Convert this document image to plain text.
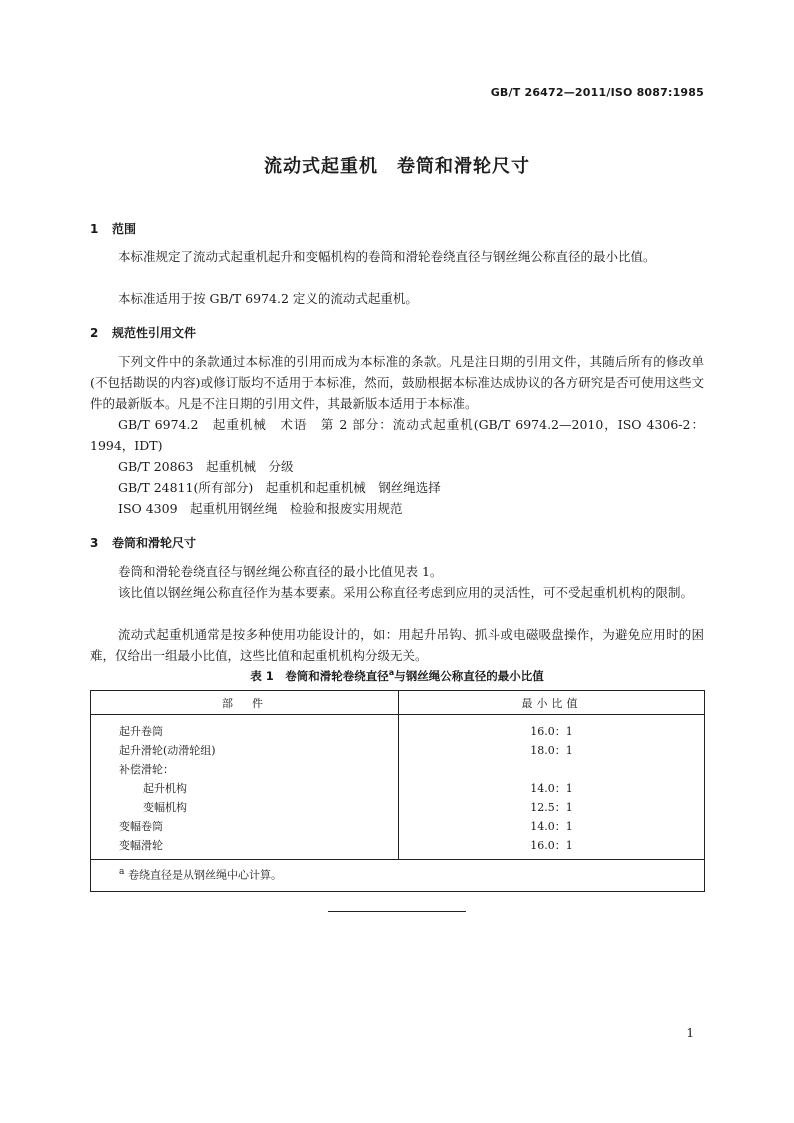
GB/T 26472—2011/ISO 8087:1985
流动式起重机　卷筒和滑轮尺寸
1 范围

本标准规定了流动式起重机起升和变幅机构的卷筒和滑轮卷绕直径与钢丝绳公称直径的最小比值。

本标准适用于按 GB/T 6974.2 定义的流动式起重机。

2 规范性引用文件

下列文件中的条款通过本标准的引用而成为本标准的条款。凡是注日期的引用文件，其随后所有的修改单(不包括勘误的内容)或修订版均不适用于本标准，然而，鼓励根据本标准达成协议的各方研究是否可使用这些文件的最新版本。凡是不注日期的引用文件，其最新版本适用于本标准。

GB/T 6974.2　起重机械　术语　第 2 部分：流动式起重机(GB/T 6974.2—2010，ISO 4306-2：1994，IDT)

GB/T 20863　起重机械　分级
GB/T 24811(所有部分)　起重机和起重机械　钢丝绳选择
ISO 4309　起重机用钢丝绳　检验和报废实用规范
3 卷筒和滑轮尺寸

卷筒和滑轮卷绕直径与钢丝绳公称直径的最小比值见表 1。

该比值以钢丝绳公称直径作为基本要素。采用公称直径考虑到应用的灵活性，可不受起重机机构的限制。

流动式起重机通常是按多种使用功能设计的，如：用起升吊钩、抓斗或电磁吸盘操作，为避免应用时的困难，仅给出一组最小比值，这些比值和起重机机构分级无关。

表 1　卷筒和滑轮卷绕直径$^a$与钢丝绳公称直径的最小比值
部　件	最小比值
起升卷筒	16.0：1
起升滑轮(动滑轮组)	18.0：1
补偿滑轮：	
起升机构	14.0：1
变幅机构	12.5：1
变幅卷筒	14.0：1
变幅滑轮	16.0：1
$^a$ 卷绕直径是从钢丝绳中心计算。	
1
